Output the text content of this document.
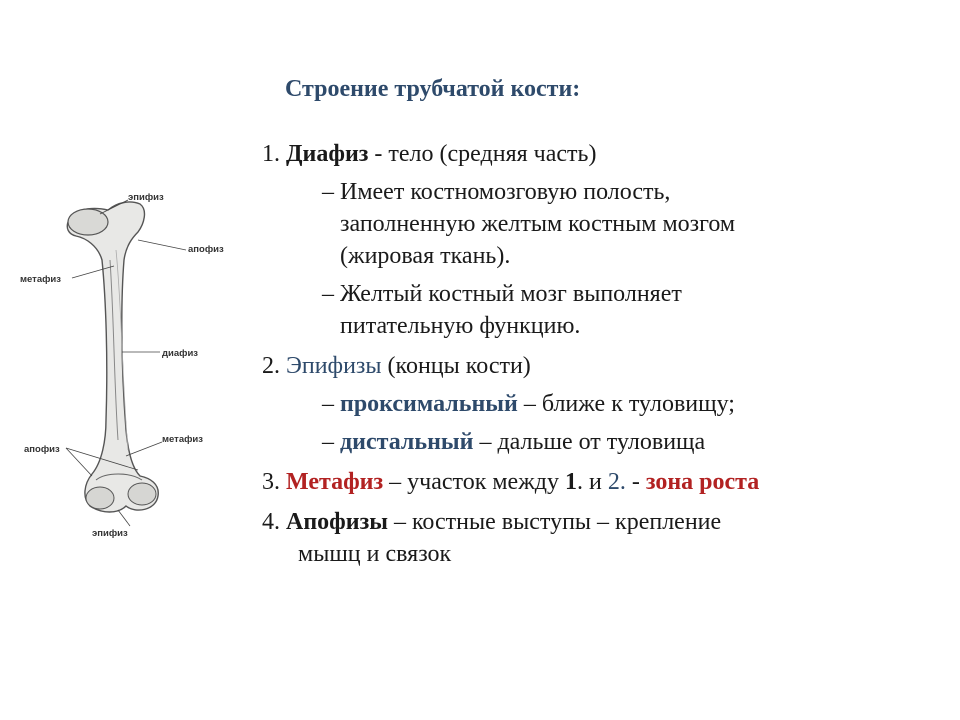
Строение трубчатой кости:
эпифиз
апофиз
метафиз
диафиз
метафиз
апофиз
эпифиз
1. Диафиз - тело (средняя часть)
– Имеет костномозговую полость,
заполненную желтым костным мозгом
(жировая ткань).
– Желтый костный мозг выполняет
питательную функцию.
2. Эпифизы (концы кости)
– проксимальный – ближе к туловищу;
– дистальный – дальше от туловища
3. Метафиз – участок между 1. и 2. - зона роста
4. Апофизы – костные выступы – крепление
мышц и связок
